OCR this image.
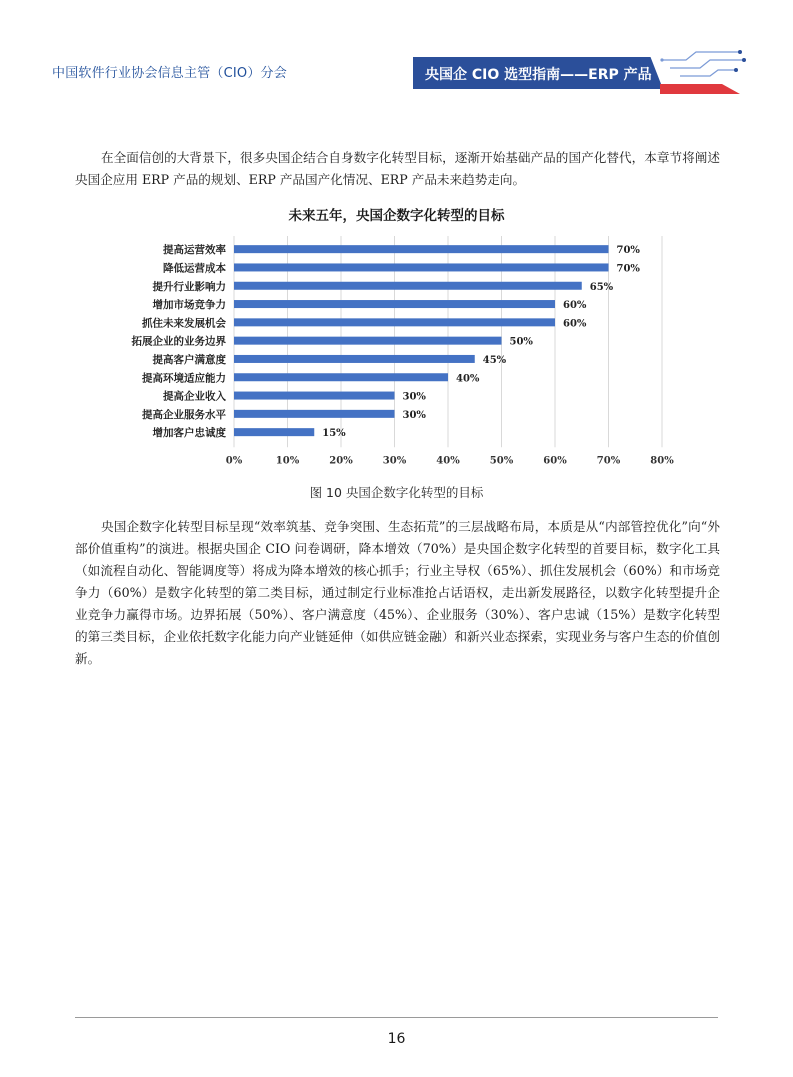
中国软件行业协会信息主管（CIO）分会	央国企 CIO 选型指南——ERP 产品
在全面信创的大背景下，很多央国企结合自身数字化转型目标，逐渐开始基础产品的国产化替代，本章节将阐述央国企应用 ERP 产品的规划、ERP 产品国产化情况、ERP 产品未来趋势走向。
未来五年，央国企数字化转型的目标
0%	10%	20%	30%	40%	50%	60%	70%	80%
提高运营效率	70%
降低运营成本	70%
提升行业影响力	65%
增加市场竞争力	60%
抓住未来发展机会	60%
拓展企业的业务边界	50%
提高客户满意度	45%
提高环境适应能力	40%
提高企业收入	30%
提高企业服务水平	30%
增加客户忠诚度	15%
图 10 央国企数字化转型的目标
央国企数字化转型目标呈现“效率筑基、竞争突围、生态拓荒”的三层战略布局，本质是从“内部管控优化”向“外部价值重构”的演进。根据央国企 CIO 问卷调研，降本增效（70%）是央国企数字化转型的首要目标，数字化工具（如流程自动化、智能调度等）将成为降本增效的核心抓手；行业主导权（65%）、抓住发展机会（60%）和市场竞争力（60%）是数字化转型的第二类目标，通过制定行业标准抢占话语权，走出新发展路径，以数字化转型提升企业竞争力赢得市场。边界拓展（50%）、客户满意度（45%）、企业服务（30%）、客户忠诚（15%）是数字化转型的第三类目标，企业依托数字化能力向产业链延伸（如供应链金融）和新兴业态探索，实现业务与客户生态的价值创新。
16
